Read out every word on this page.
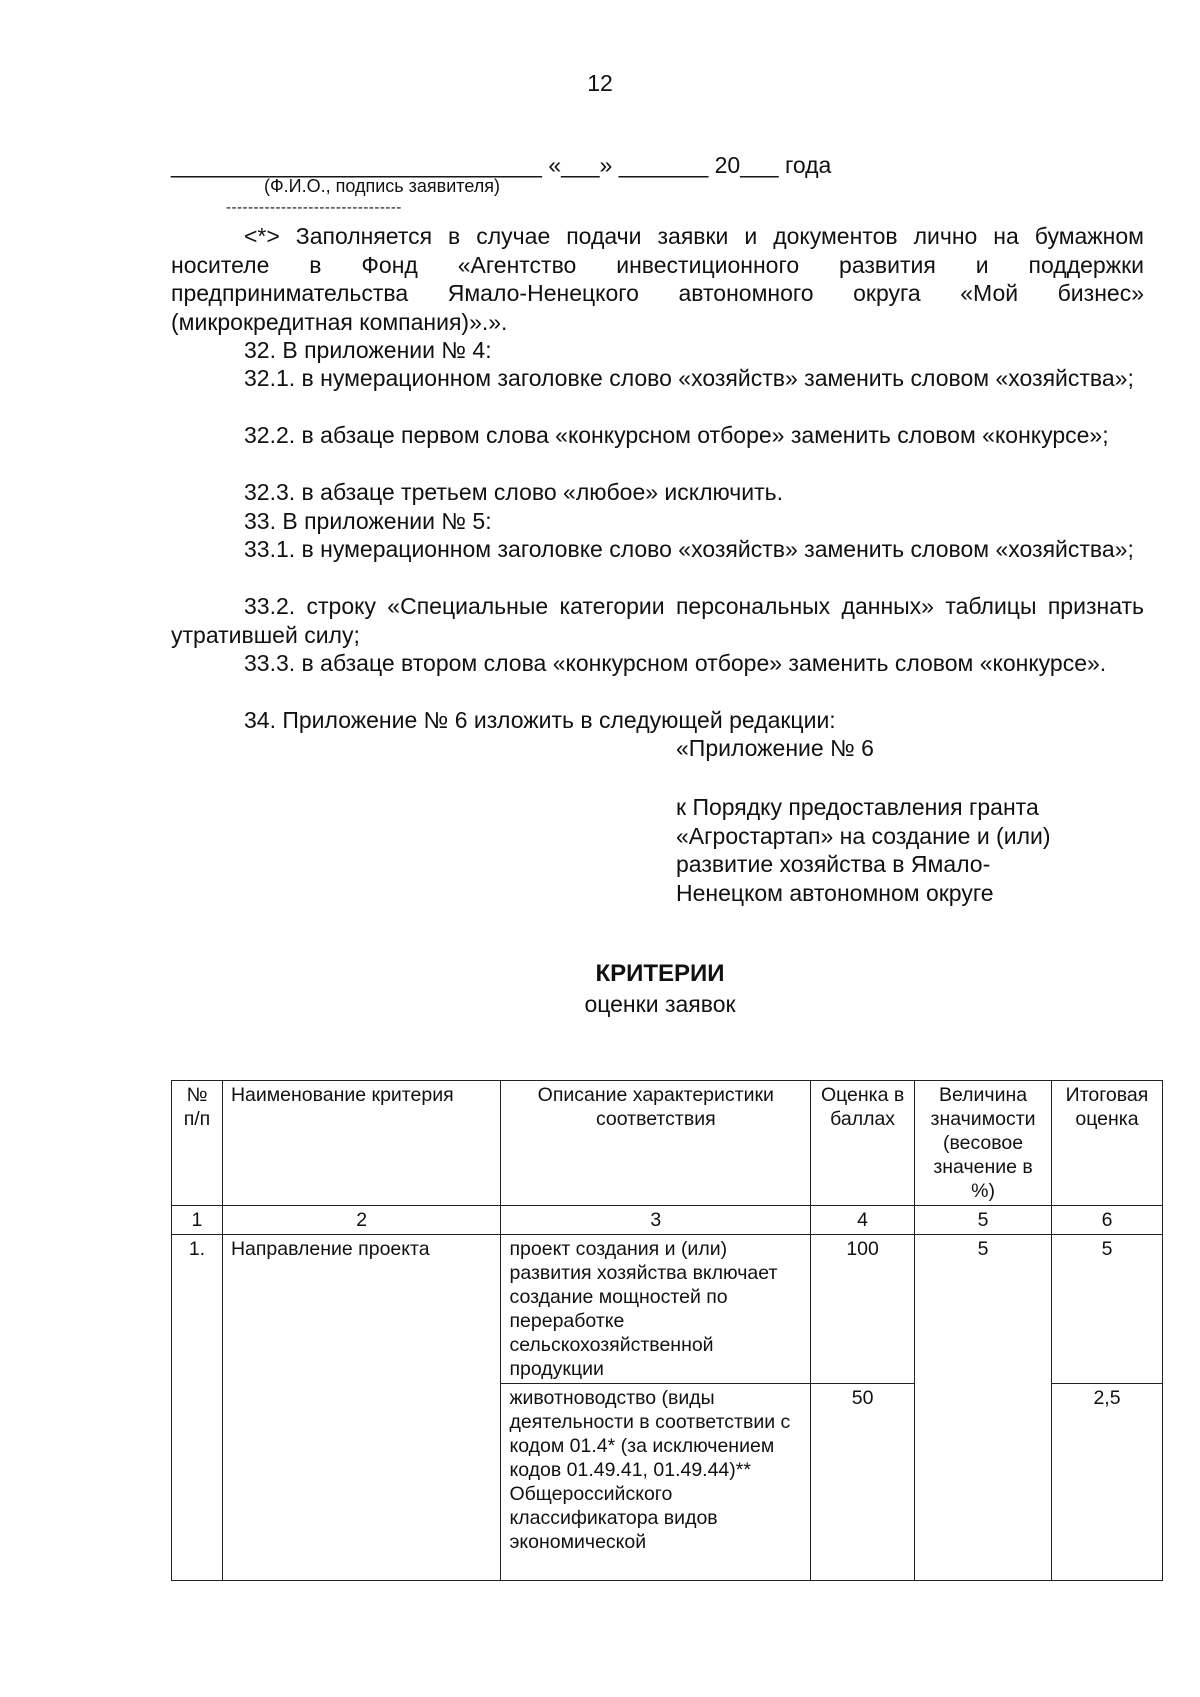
12
_____________________________ «___» _______ 20___ года
(Ф.И.О., подпись заявителя)
--------------------------------
<*> Заполняется в случае подачи заявки и документов лично на бумажном носителе в Фонд «Агентство инвестиционного развития и поддержки предпринимательства Ямало-Ненецкого автономного округа «Мой бизнес» (микрокредитная компания)».».
32. В приложении № 4:
32.1. в нумерационном заголовке слово «хозяйств» заменить словом «хозяйства»;
32.2. в абзаце первом слова «конкурсном отборе» заменить словом «конкурсе»;
32.3. в абзаце третьем слово «любое» исключить.
33. В приложении № 5:
33.1. в нумерационном заголовке слово «хозяйств» заменить словом «хозяйства»;
33.2. строку «Специальные категории персональных данных» таблицы признать утратившей силу;
33.3. в абзаце втором слова «конкурсном отборе» заменить словом «конкурсе».
34. Приложение № 6 изложить в следующей редакции:
«Приложение № 6
к Порядку предоставления гранта
«Агростартап» на создание и (или)
развитие хозяйства в Ямало-
Ненецком автономном округе
КРИТЕРИИ
оценки заявок
№ п/п	Наименование критерия	Описание характеристики соответствия	Оценка в баллах	Величина значимости (весовое значение в %)	Итоговая оценка
1	2	3	4	5	6
1.	Направление проекта	проект создания и (или) развития хозяйства включает создание мощностей по переработке сельскохозяйственной продукции	100	5	5
		животноводство (виды деятельности в соответствии с кодом 01.4* (за исключением кодов 01.49.41, 01.49.44)** Общероссийского классификатора видов экономической	50		2,5
